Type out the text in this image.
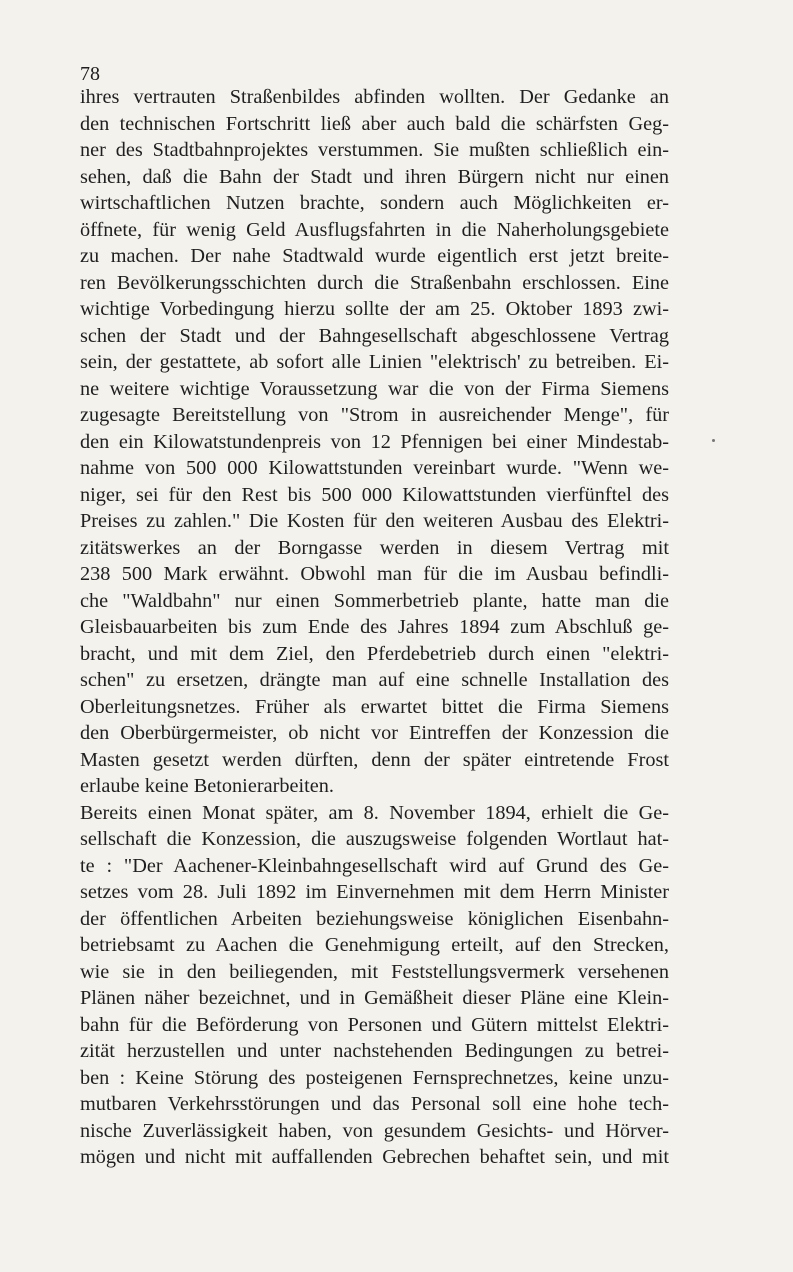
78
ihres vertrauten Straßenbildes abfinden wollten. Der Gedanke an
den technischen Fortschritt ließ aber auch bald die schärfsten Geg-
ner des Stadtbahnprojektes verstummen. Sie mußten schließlich ein-
sehen, daß die Bahn der Stadt und ihren Bürgern nicht nur einen
wirtschaftlichen Nutzen brachte, sondern auch Möglichkeiten er-
öffnete, für wenig Geld Ausflugsfahrten in die Naherholungsgebiete
zu machen. Der nahe Stadtwald wurde eigentlich erst jetzt breite-
ren Bevölkerungsschichten durch die Straßenbahn erschlossen. Eine
wichtige Vorbedingung hierzu sollte der am 25. Oktober 1893 zwi-
schen der Stadt und der Bahngesellschaft abgeschlossene Vertrag
sein, der gestattete, ab sofort alle Linien "elektrisch' zu betreiben. Ei-
ne weitere wichtige Voraussetzung war die von der Firma Siemens
zugesagte Bereitstellung von "Strom in ausreichender Menge", für
den ein Kilowatstundenpreis von 12 Pfennigen bei einer Mindestab-
nahme von 500 000 Kilowattstunden vereinbart wurde. "Wenn we-
niger, sei für den Rest bis 500 000 Kilowattstunden vierfünftel des
Preises zu zahlen." Die Kosten für den weiteren Ausbau des Elektri-
zitätswerkes an der Borngasse werden in diesem Vertrag mit
238 500 Mark erwähnt. Obwohl man für die im Ausbau befindli-
che "Waldbahn" nur einen Sommerbetrieb plante, hatte man die
Gleisbauarbeiten bis zum Ende des Jahres 1894 zum Abschluß ge-
bracht, und mit dem Ziel, den Pferdebetrieb durch einen "elektri-
schen" zu ersetzen, drängte man auf eine schnelle Installation des
Oberleitungsnetzes. Früher als erwartet bittet die Firma Siemens
den Oberbürgermeister, ob nicht vor Eintreffen der Konzession die
Masten gesetzt werden dürften, denn der später eintretende Frost
erlaube keine Betonierarbeiten.
Bereits einen Monat später, am 8. November 1894, erhielt die Ge-
sellschaft die Konzession, die auszugsweise folgenden Wortlaut hat-
te : "Der Aachener-Kleinbahngesellschaft wird auf Grund des Ge-
setzes vom 28. Juli 1892 im Einvernehmen mit dem Herrn Minister
der öffentlichen Arbeiten beziehungsweise königlichen Eisenbahn-
betriebsamt zu Aachen die Genehmigung erteilt, auf den Strecken,
wie sie in den beiliegenden, mit Feststellungsvermerk versehenen
Plänen näher bezeichnet, und in Gemäßheit dieser Pläne eine Klein-
bahn für die Beförderung von Personen und Gütern mittelst Elektri-
zität herzustellen und unter nachstehenden Bedingungen zu betrei-
ben : Keine Störung des posteigenen Fernsprechnetzes, keine unzu-
mutbaren Verkehrsstörungen und das Personal soll eine hohe tech-
nische Zuverlässigkeit haben, von gesundem Gesichts- und Hörver-
mögen und nicht mit auffallenden Gebrechen behaftet sein, und mit
